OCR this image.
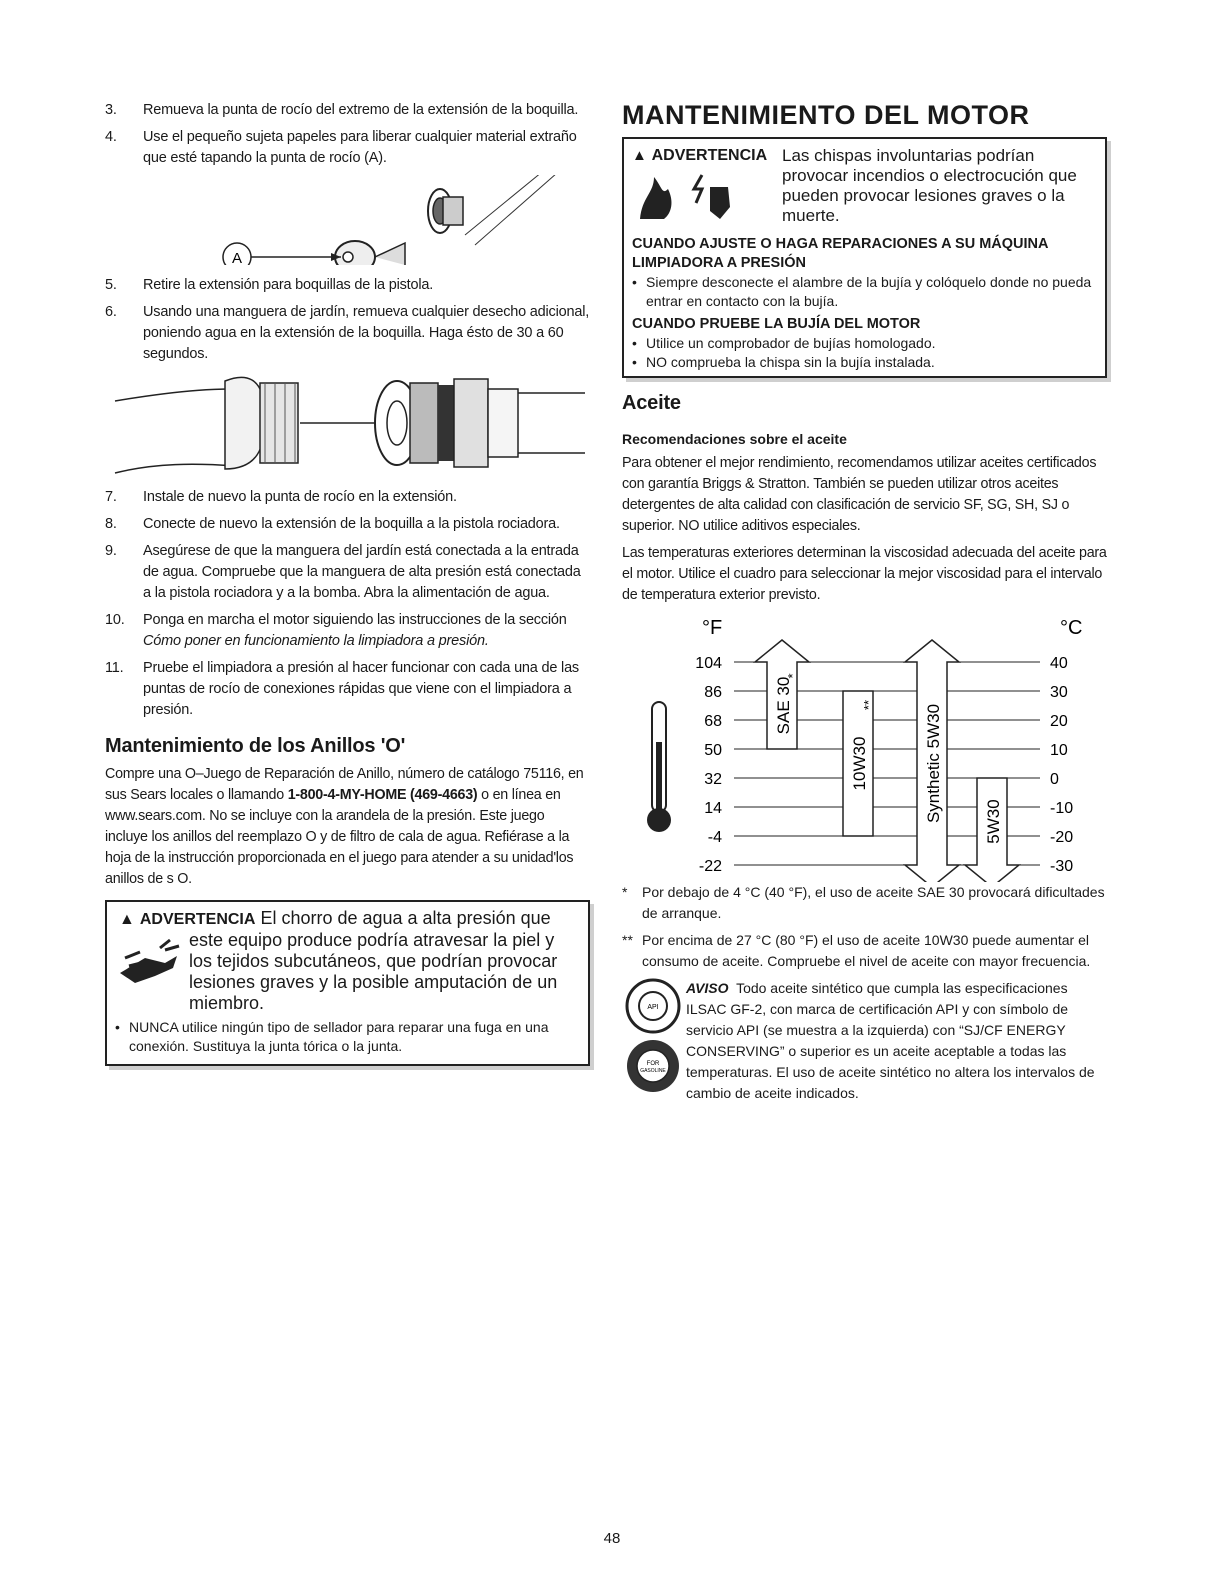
3.	Remueva la punta de rocío del extremo de la extensión de la boquilla.
4.	Use el pequeño sujeta papeles para liberar cualquier material extraño que esté tapando la punta de rocío (A).
A
5.	Retire la extensión para boquillas de la pistola.
6.	Usando una manguera de jardín, remueva cualquier desecho adicional, poniendo agua en la extensión de la boquilla. Haga ésto de 30 a 60 segundos.
7.	Instale de nuevo la punta de rocío en la extensión.
8.	Conecte de nuevo la extensión de la boquilla a la pistola rociadora.
9.	Asegúrese de que la manguera del jardín está conectada a la entrada de agua. Compruebe que la manguera de alta presión está conectada a la pistola rociadora y a la bomba. Abra la alimentación de agua.
10.	Ponga en marcha el motor siguiendo las instrucciones de la sección Cómo poner en funcionamiento la limpiadora a presión.
11.	Pruebe el limpiadora a presión al hacer funcionar con cada una de las puntas de rocío de conexiones rápidas que viene con el limpiadora a presión.
Mantenimiento de los Anillos 'O'

Compre una O–Juego de Reparación de Anillo, número de catálogo 75116, en sus Sears locales o llamando 1-800-4-MY-HOME (469-4663) o en línea en www.sears.com. No se incluye con la arandela de la presión. Este juego incluye los anillos del reemplazo O y de filtro de cala de agua. Refiérase a la hoja de la instrucción proporcionada en el juego para atender a su unidad'los anillos de s O.

▲ ADVERTENCIA El chorro de agua a alta presión que este equipo produce podría atravesar la piel y los tejidos subcutáneos, que podrían provocar lesiones graves y la posible amputación de un miembro.
• NUNCA utilice ningún tipo de sellador para reparar una fuga en una conexión. Sustituya la junta tórica o la junta.
MANTENIMIENTO DEL MOTOR
▲ ADVERTENCIA Las chispas involuntarias podrían provocar incendios o electrocución que pueden provocar lesiones graves o la muerte.
CUANDO AJUSTE O HAGA REPARACIONES A SU MÁQUINA LIMPIADORA A PRESIÓN
• Siempre desconecte el alambre de la bujía y colóquelo donde no pueda entrar en contacto con la bujía.
CUANDO PRUEBE LA BUJÍA DEL MOTOR
• Utilice un comprobador de bujías homologado.
• NO comprueba la chispa sin la bujía instalada.
Aceite
Recomendaciones sobre el aceite

Para obtener el mejor rendimiento, recomendamos utilizar aceites certificados con garantía Briggs & Stratton. También se pueden utilizar otros aceites detergentes de alta calidad con clasificación de servicio SF, SG, SH, SJ o superior. NO utilice aditivos especiales.

Las temperaturas exteriores determinan la viscosidad adecuada del aceite para el motor. Utilice el cuadro para seleccionar la mejor viscosidad para el intervalo de temperatura exterior previsto.

°F	°C
104	40
86	30
68	20
50	10
32	0
14	-10
-4	-20
-22	-30
SAE 30
*
10W30
**	Synthetic 5W30 5W30
*	Por debajo de 4 °C (40 °F), el uso de aceite SAE 30 provocará dificultades de arranque.
** Por encima de 27 °C (80 °F) el uso de aceite 10W30 puede aumentar el consumo de aceite. Compruebe el nivel de aceite con mayor frecuencia.
API
FOR
GASOLINE
AVISO Todo aceite sintético que cumpla las especificaciones ILSAC GF-2, con marca de certificación API y con símbolo de servicio API (se muestra a la izquierda) con “SJ/CF ENERGY CONSERVING” o superior es un aceite aceptable a todas las temperaturas. El uso de aceite sintético no altera los intervalos de cambio de aceite indicados.
48
